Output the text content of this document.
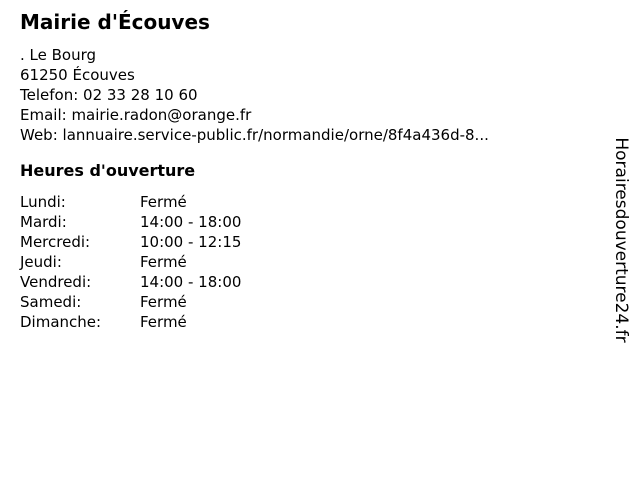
Mairie d'Écouves
. Le Bourg
61250 Écouves
Telefon: 02 33 28 10 60
Email: mairie.radon@orange.fr
Web: lannuaire.service-public.fr/normandie/orne/8f4a436d-8...
Heures d'ouverture
Lundi:	Fermé
Mardi:	14:00 - 18:00
Mercredi:	10:00 - 12:15
Jeudi:	Fermé
Vendredi:	14:00 - 18:00
Samedi:	Fermé
Dimanche:	Fermé	Horairesdouverture24.fr
